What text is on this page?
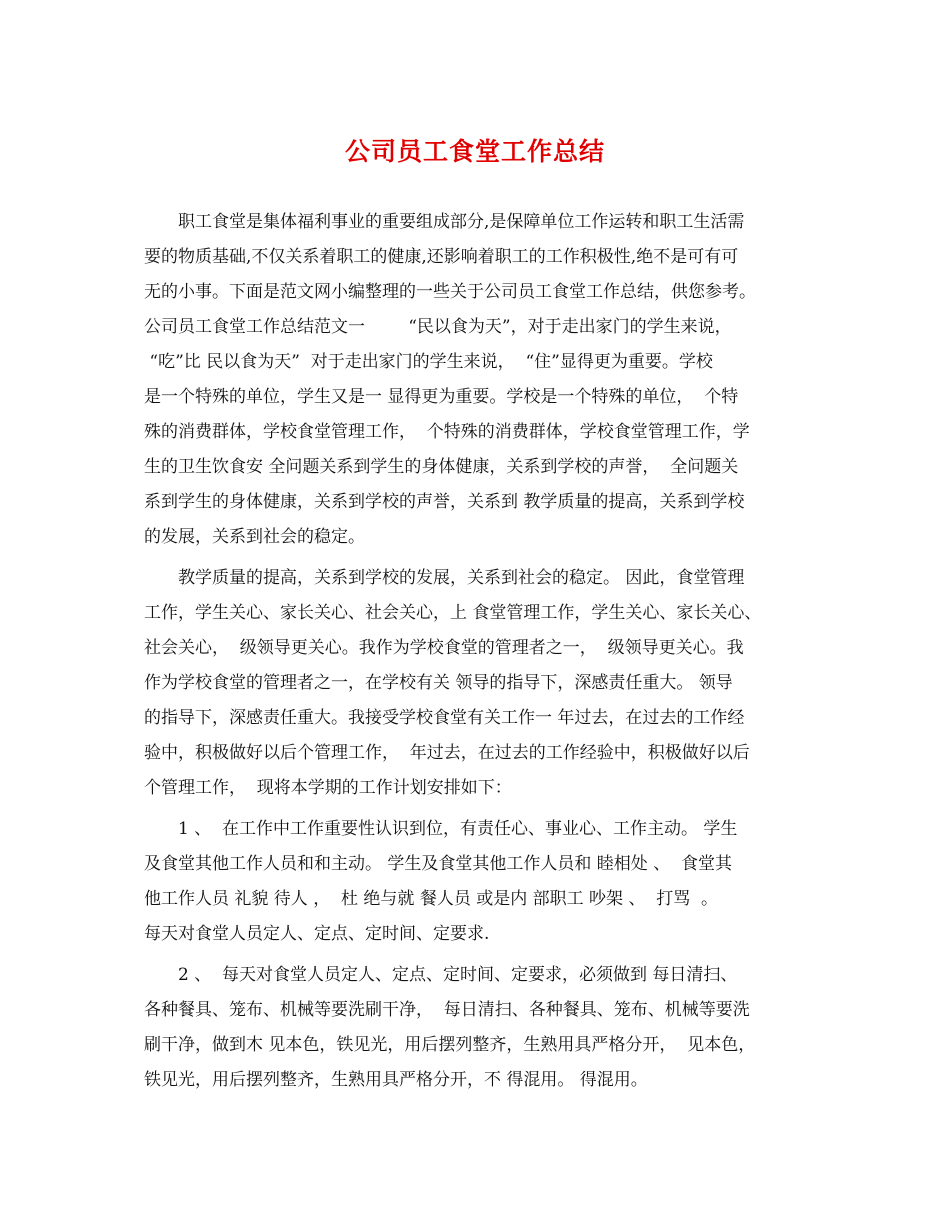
公司员工食堂工作总结
职工食堂是集体福利事业的重要组成部分,是保障单位工作运转和职工生活需
要的物质基础,不仅关系着职工的健康,还影响着职工的工作积极性,绝不是可有可
无的小事。下面是范文网小编整理的一些关于公司员工食堂工作总结，供您参考。
公司员工食堂工作总结范文一        “民以食为天”，对于走出家门的学生来说，
“吃”比 民以食为天”  对于走出家门的学生来说，  “住”显得更为重要。学校
是一个特殊的单位，学生又是一 显得更为重要。学校是一个特殊的单位，  个特
殊的消费群体，学校食堂管理工作，  个特殊的消费群体，学校食堂管理工作，学
生的卫生饮食安 全问题关系到学生的身体健康，关系到学校的声誉，  全问题关
系到学生的身体健康，关系到学校的声誉，关系到 教学质量的提高，关系到学校
的发展，关系到社会的稳定。
教学质量的提高，关系到学校的发展，关系到社会的稳定。 因此，食堂管理
工作，学生关心、家长关心、社会关心，上 食堂管理工作，学生关心、家长关心、
社会关心，  级领导更关心。我作为学校食堂的管理者之一，  级领导更关心。我
作为学校食堂的管理者之一，在学校有关 领导的指导下，深感责任重大。 领导
的指导下，深感责任重大。我接受学校食堂有关工作一 年过去，在过去的工作经
验中，积极做好以后个管理工作，  年过去，在过去的工作经验中，积极做好以后
个管理工作，  现将本学期的工作计划安排如下：
1 、  在工作中工作重要性认识到位，有责任心、事业心、工作主动。 学生
及食堂其他工作人员和和主动。 学生及食堂其他工作人员和 睦相处 、  食堂其
他工作人员 礼貌 待人 ，  杜 绝与就 餐人员 或是内 部职工 吵架 、  打骂  。
每天对食堂人员定人、定点、定时间、定要求.
2 、  每天对食堂人员定人、定点、定时间、定要求，必须做到 每日清扫、
各种餐具、笼布、机械等要洗刷干净，  每日清扫、各种餐具、笼布、机械等要洗
刷干净，做到木 见本色，铁见光，用后摆列整齐，生熟用具严格分开，  见本色，
铁见光，用后摆列整齐，生熟用具严格分开，不 得混用。 得混用。
